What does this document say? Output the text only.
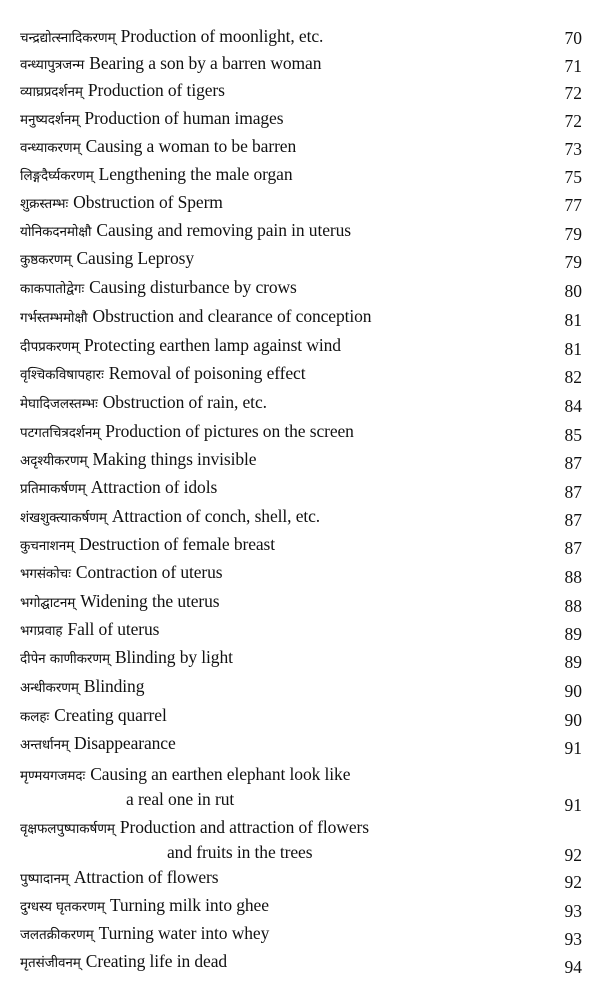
चन्द्रद्योत्स्नादिकरणम् Production of moonlight, etc.	70
वन्ध्यापुत्रजन्म Bearing a son by a barren woman	71
व्याघ्रप्रदर्शनम् Production of tigers	72
मनुष्यदर्शनम् Production of human images	72
वन्ध्याकरणम् Causing a woman to be barren	73
लिङ्गदैर्घ्यकरणम् Lengthening the male organ	75
शुक्रस्तम्भः Obstruction of Sperm	77
योनिकदनमोक्षौ Causing and removing pain in uterus	79
कुष्ठकरणम् Causing Leprosy	79
काकपातोद्वेगः Causing disturbance by crows	80
गर्भस्तम्भमोक्षौ Obstruction and clearance of conception	81
दीपप्रकरणम् Protecting earthen lamp against wind	81
वृश्चिकविषापहारः Removal of poisoning effect	82
मेघादिजलस्तम्भः Obstruction of rain, etc.	84
पटगतचित्रदर्शनम् Production of pictures on the screen	85
अदृश्यीकरणम् Making things invisible	87
प्रतिमाकर्षणम् Attraction of idols	87
शंखशुक्त्याकर्षणम् Attraction of conch, shell, etc.	87
कुचनाशनम् Destruction of female breast	87
भगसंकोचः Contraction of uterus	88
भगोद्घाटनम् Widening the uterus	88
भगप्रवाह Fall of uterus	89
दीपेन काणीकरणम् Blinding by light	89
अन्धीकरणम् Blinding	90
कलहः Creating quarrel	90
अन्तर्धानम् Disappearance	91
मृण्मयगजमदः Causing an earthen elephant look like
a real one in rut	91
वृक्षफलपुष्पाकर्षणम् Production and attraction of flowers
and fruits in the trees	92
पुष्पादानम् Attraction of flowers	92
दुग्धस्य घृतकरणम् Turning milk into ghee	93
जलतक्रीकरणम् Turning water into whey	93
मृतसंजीवनम् Creating life in dead	94
